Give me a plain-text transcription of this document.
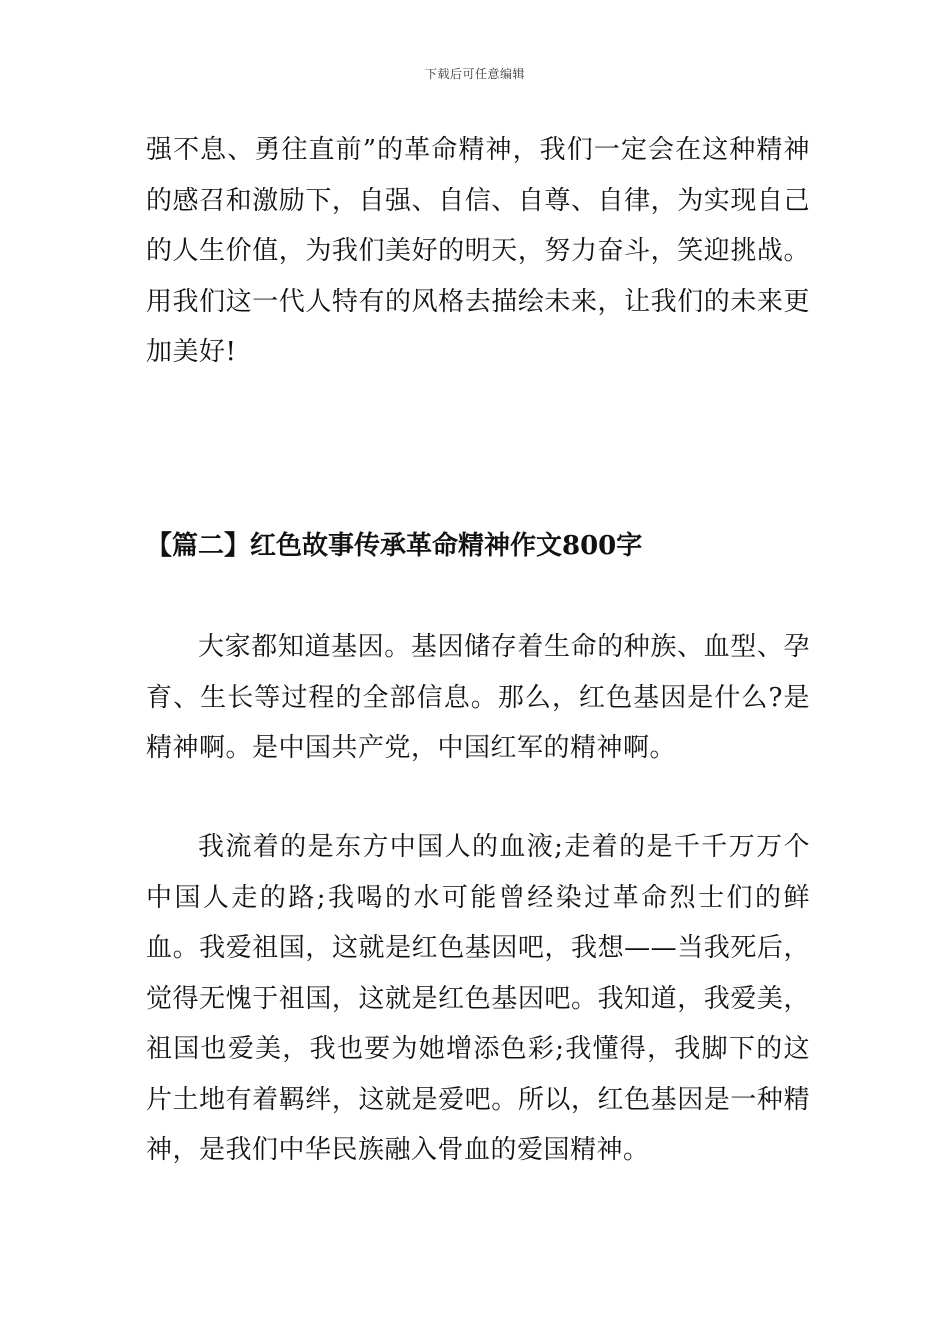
下载后可任意编辑

强不息、勇往直前”的革命精神，我们一定会在这种精神的感召和激励下，自强、自信、自尊、自律，为实现自己的人生价值，为我们美好的明天，努力奋斗，笑迎挑战。用我们这一代人特有的风格去描绘未来，让我们的未来更加美好!

【篇二】红色故事传承革命精神作文800字

大家都知道基因。基因储存着生命的种族、血型、孕育、生长等过程的全部信息。那么，红色基因是什么?是精神啊。是中国共产党，中国红军的精神啊。

我流着的是东方中国人的血液;走着的是千千万万个中国人走的路;我喝的水可能曾经染过革命烈士们的鲜血。我爱祖国，这就是红色基因吧，我想——当我死后，觉得无愧于祖国，这就是红色基因吧。我知道，我爱美，祖国也爱美，我也要为她增添色彩;我懂得，我脚下的这片土地有着羁绊，这就是爱吧。所以，红色基因是一种精神，是我们中华民族融入骨血的爱国精神。
